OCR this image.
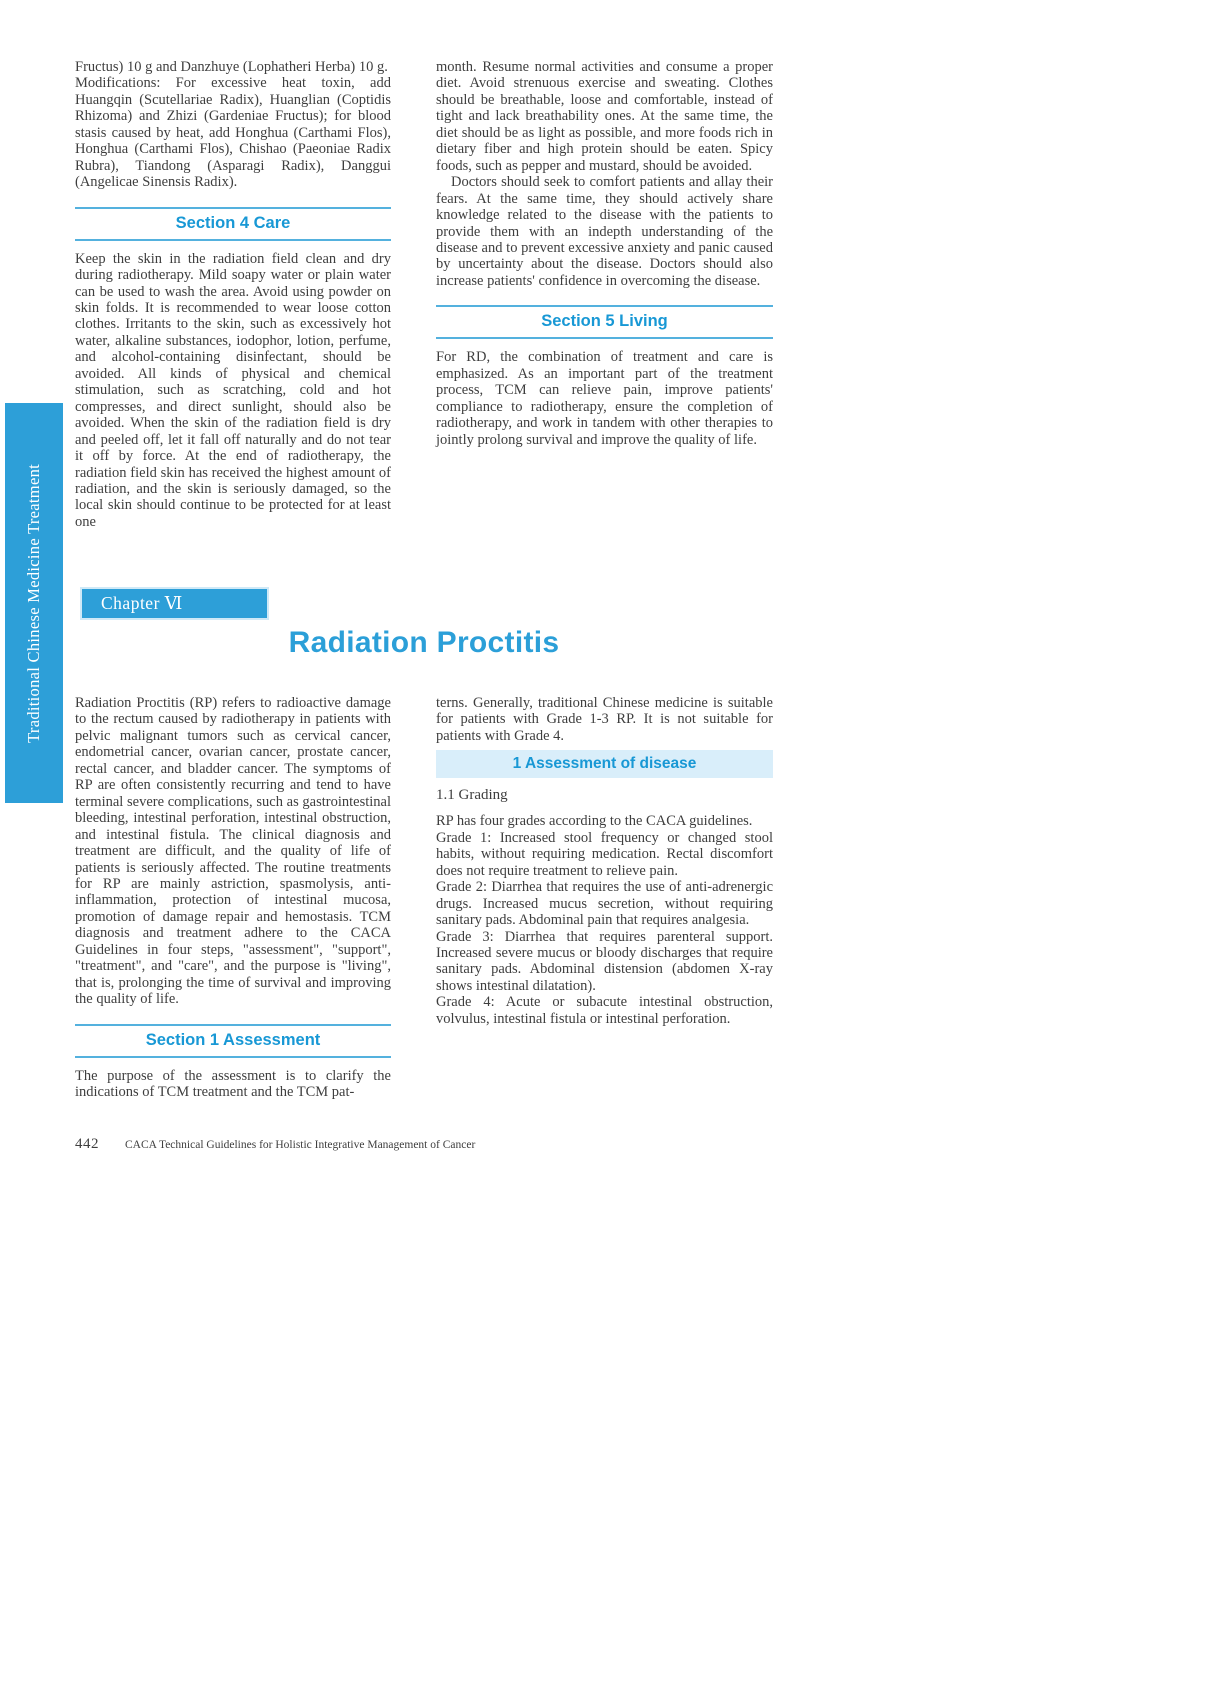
Traditional Chinese Medicine Treatment

Fructus) 10 g and Danzhuye (Lophatheri Herba) 10 g.

Modifications: For excessive heat toxin, add Huangqin (Scutellariae Radix), Huanglian (Coptidis Rhizoma) and Zhizi (Gardeniae Fructus); for blood stasis caused by heat, add Honghua (Carthami Flos), Honghua (Carthami Flos), Chishao (Paeoniae Radix Rubra), Tiandong (Asparagi Radix), Danggui (Angelicae Sinensis Radix).

Section 4 Care

Keep the skin in the radiation field clean and dry during radiotherapy. Mild soapy water or plain water can be used to wash the area. Avoid using powder on skin folds. It is recommended to wear loose cotton clothes. Irritants to the skin, such as excessively hot water, alkaline substances, iodophor, lotion, perfume, and alcohol-containing disinfectant, should be avoided. All kinds of physical and chemical stimulation, such as scratching, cold and hot compresses, and direct sunlight, should also be avoided. When the skin of the radiation field is dry and peeled off, let it fall off naturally and do not tear it off by force. At the end of radiotherapy, the radiation field skin has received the highest amount of radiation, and the skin is seriously damaged, so the local skin should continue to be protected for at least one

month. Resume normal activities and consume a proper diet. Avoid strenuous exercise and sweating. Clothes should be breathable, loose and comfortable, instead of tight and lack breathability ones. At the same time, the diet should be as light as possible, and more foods rich in dietary fiber and high protein should be eaten. Spicy foods, such as pepper and mustard, should be avoided.

Doctors should seek to comfort patients and allay their fears. At the same time, they should actively share knowledge related to the disease with the patients to provide them with an indepth understanding of the disease and to prevent excessive anxiety and panic caused by uncertainty about the disease. Doctors should also increase patients' confidence in overcoming the disease.

Section 5 Living

For RD, the combination of treatment and care is emphasized. As an important part of the treatment process, TCM can relieve pain, improve patients' compliance to radiotherapy, ensure the completion of radiotherapy, and work in tandem with other therapies to jointly prolong survival and improve the quality of life.

Chapter Ⅵ
Radiation Proctitis

Radiation Proctitis (RP) refers to radioactive damage to the rectum caused by radiotherapy in patients with pelvic malignant tumors such as cervical cancer, endometrial cancer, ovarian cancer, prostate cancer, rectal cancer, and bladder cancer. The symptoms of RP are often consistently recurring and tend to have terminal severe complications, such as gastrointestinal bleeding, intestinal perforation, intestinal obstruction, and intestinal fistula. The clinical diagnosis and treatment are difficult, and the quality of life of patients is seriously affected. The routine treatments for RP are mainly astriction, spasmolysis, anti-inflammation, protection of intestinal mucosa, promotion of damage repair and hemostasis. TCM diagnosis and treatment adhere to the CACA Guidelines in four steps, "assessment", "support", "treatment", and "care", and the purpose is "living", that is, prolonging the time of survival and improving the quality of life.

Section 1 Assessment

The purpose of the assessment is to clarify the indications of TCM treatment and the TCM pat-

terns. Generally, traditional Chinese medicine is suitable for patients with Grade 1-3 RP. It is not suitable for patients with Grade 4.

1 Assessment of disease

1.1 Grading

RP has four grades according to the CACA guidelines.

Grade 1: Increased stool frequency or changed stool habits, without requiring medication. Rectal discomfort does not require treatment to relieve pain.

Grade 2: Diarrhea that requires the use of anti-adrenergic drugs. Increased mucus secretion, without requiring sanitary pads. Abdominal pain that requires analgesia.

Grade 3: Diarrhea that requires parenteral support. Increased severe mucus or bloody discharges that require sanitary pads. Abdominal distension (abdomen X-ray shows intestinal dilatation).

Grade 4: Acute or subacute intestinal obstruction, volvulus, intestinal fistula or intestinal perforation.

442 CACA Technical Guidelines for Holistic Integrative Management of Cancer
